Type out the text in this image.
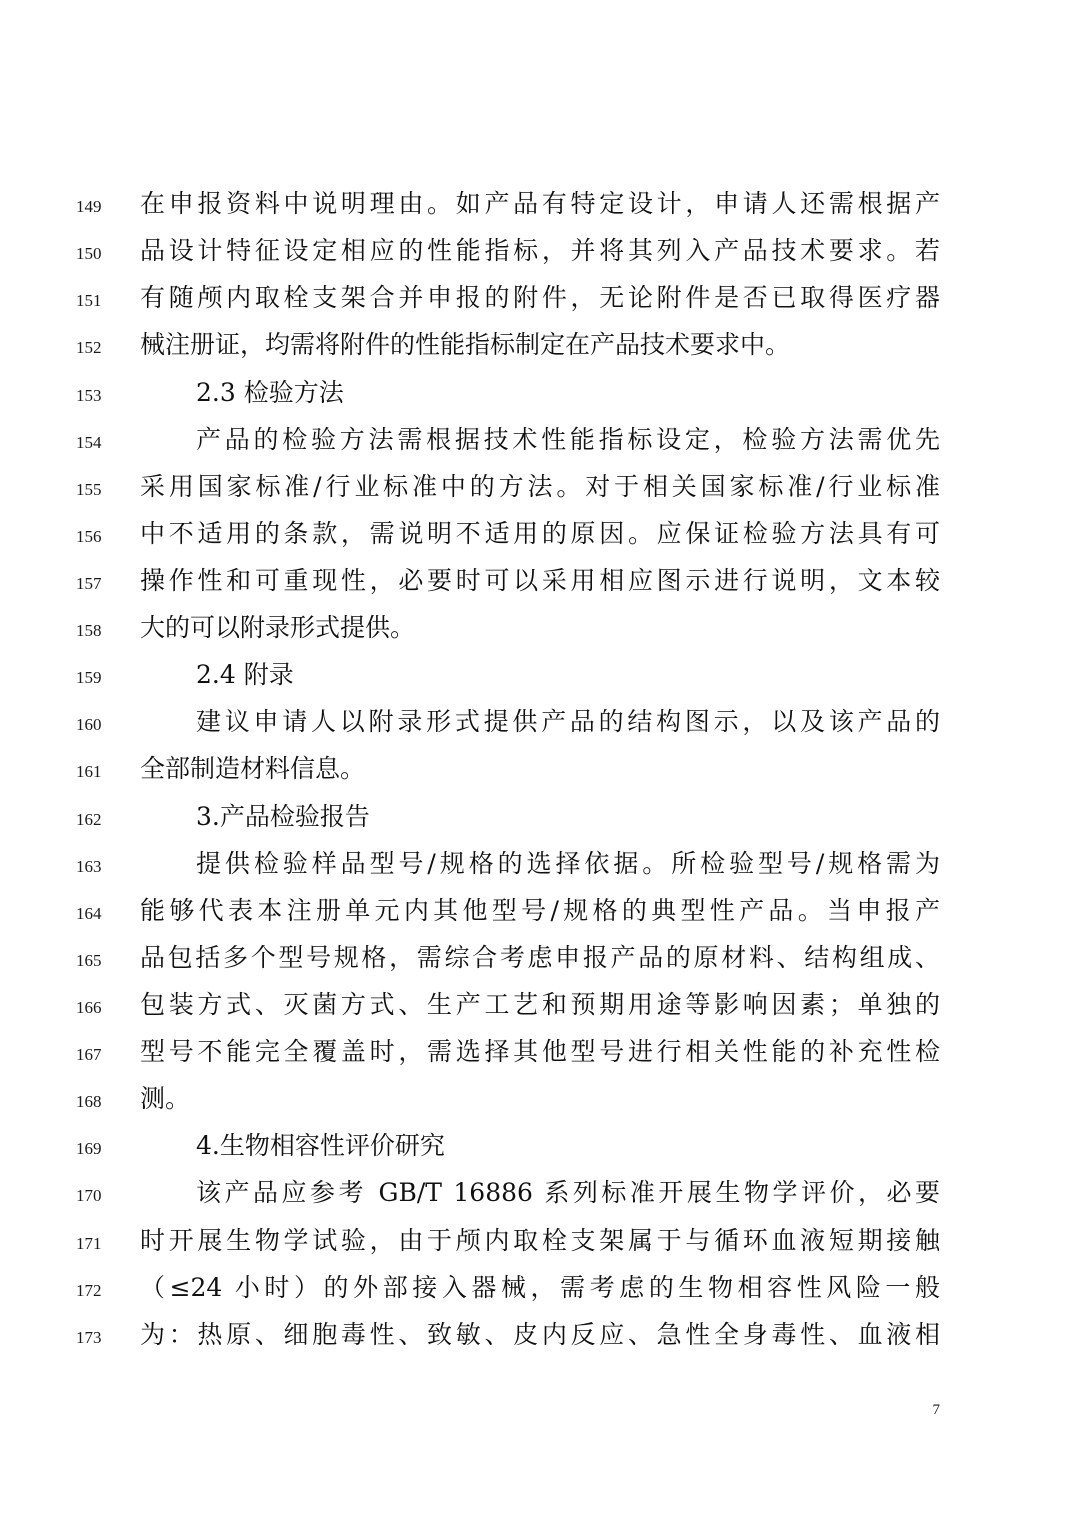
149	在申报资料中说明理由。如产品有特定设计，申请人还需根据产
150	品设计特征设定相应的性能指标，并将其列入产品技术要求。若
151	有随颅内取栓支架合并申报的附件，无论附件是否已取得医疗器
152	械注册证，均需将附件的性能指标制定在产品技术要求中。
153	2.3 检验方法
154	产品的检验方法需根据技术性能指标设定，检验方法需优先
155	采用国家标准/行业标准中的方法。对于相关国家标准/行业标准
156	中不适用的条款，需说明不适用的原因。应保证检验方法具有可
157	操作性和可重现性，必要时可以采用相应图示进行说明，文本较
158	大的可以附录形式提供。
159	2.4 附录
160	建议申请人以附录形式提供产品的结构图示，以及该产品的
161	全部制造材料信息。
162	3.产品检验报告
163	提供检验样品型号/规格的选择依据。所检验型号/规格需为
164	能够代表本注册单元内其他型号/规格的典型性产品。当申报产
165	品包括多个型号规格，需综合考虑申报产品的原材料、结构组成、
166	包装方式、灭菌方式、生产工艺和预期用途等影响因素；单独的
167	型号不能完全覆盖时，需选择其他型号进行相关性能的补充性检
168	测。
169	4.生物相容性评价研究
170	该产品应参考 GB/T 16886 系列标准开展生物学评价，必要
171	时开展生物学试验，由于颅内取栓支架属于与循环血液短期接触
172	（≤24 小时）的外部接入器械，需考虑的生物相容性风险一般
173	为：热原、细胞毒性、致敏、皮内反应、急性全身毒性、血液相
7
